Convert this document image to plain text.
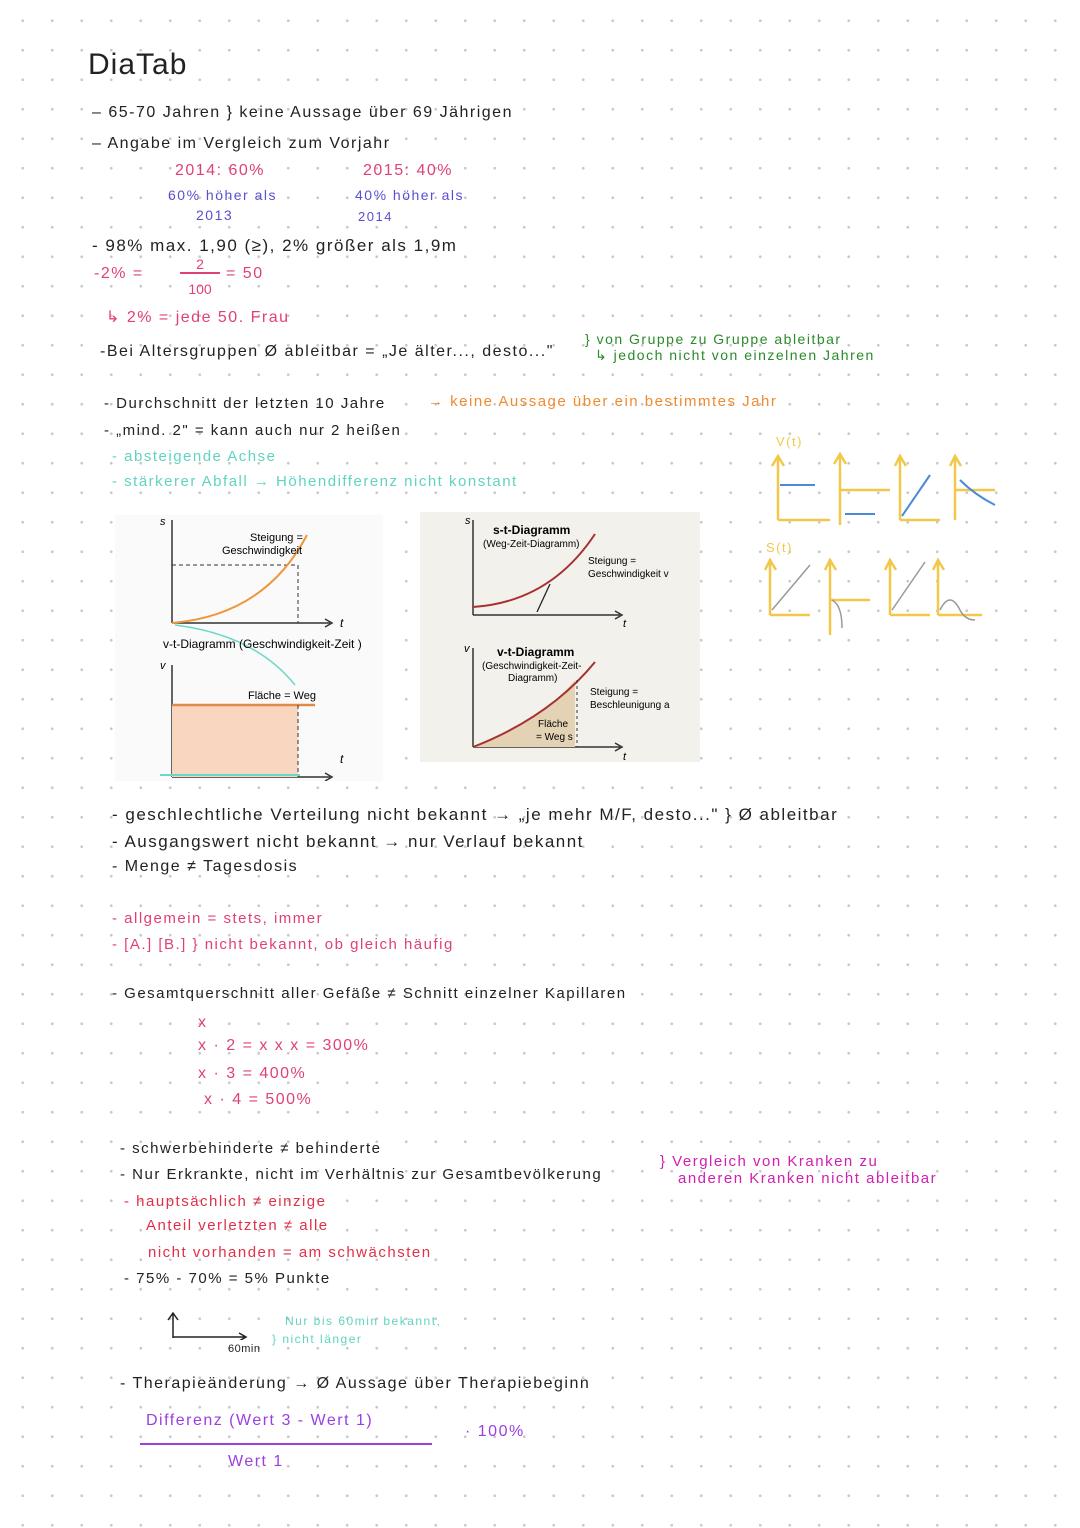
DiaTab
– 65-70 Jahren } keine Aussage über 69 Jährigen
– Angabe im Vergleich zum Vorjahr
2014: 60%	2015: 40%
60% höher als
2013
40% höher als
2014
- 98% max. 1,90 (≥), 2% größer als 1,9m
-2% =
2
100
= 50
↳ 2% = jede 50. Frau
-Bei Altersgruppen Ø ableitbar = „Je älter..., desto..."
} von Gruppe zu Gruppe ableitbar
↳ jedoch nicht von einzelnen Jahren
- Durchschnitt der letzten 10 Jahre	→ keine Aussage über ein bestimmtes Jahr
- „mind. 2" = kann auch nur 2 heißen
- absteigende Achse
- stärkerer Abfall → Höhendifferenz nicht konstant
V(t)
S(t)
s
t
t
v
Steigung =
Geschwindigkeit
v-t-Diagramm (Geschwindigkeit-Zeit )
Fläche = Weg
s
t
v
t
s-t-Diagramm
(Weg-Zeit-Diagramm)
Steigung =
Geschwindigkeit v
v-t-Diagramm
(Geschwindigkeit-Zeit-
Diagramm)
Steigung =
Beschleunigung a
Fläche
= Weg s
- geschlechtliche Verteilung nicht bekannt → „je mehr M/F, desto..." } Ø ableitbar
- Ausgangswert nicht bekannt → nur Verlauf bekannt
- Menge ≠ Tagesdosis
- allgemein = stets, immer
- [A.] [B.] } nicht bekannt, ob gleich häufig
- Gesamtquerschnitt aller Gefäße ≠ Schnitt einzelner Kapillaren
x
x · 2 = x x x = 300%
x · 3 = 400%
x · 4 = 500%
- schwerbehinderte ≠ behinderte
- Nur Erkrankte, nicht im Verhältnis zur Gesamtbevölkerung
} Vergleich von Kranken zu
anderen Kranken nicht ableitbar
- hauptsächlich ≠ einzige
Anteil verletzten ≠ alle
nicht vorhanden = am schwächsten
- 75% - 70% = 5% Punkte
60min
Nur bis 60min bekannt,
} nicht länger
- Therapieänderung → Ø Aussage über Therapiebeginn
Differenz (Wert 3 - Wert 1)
· 100%
Wert 1
